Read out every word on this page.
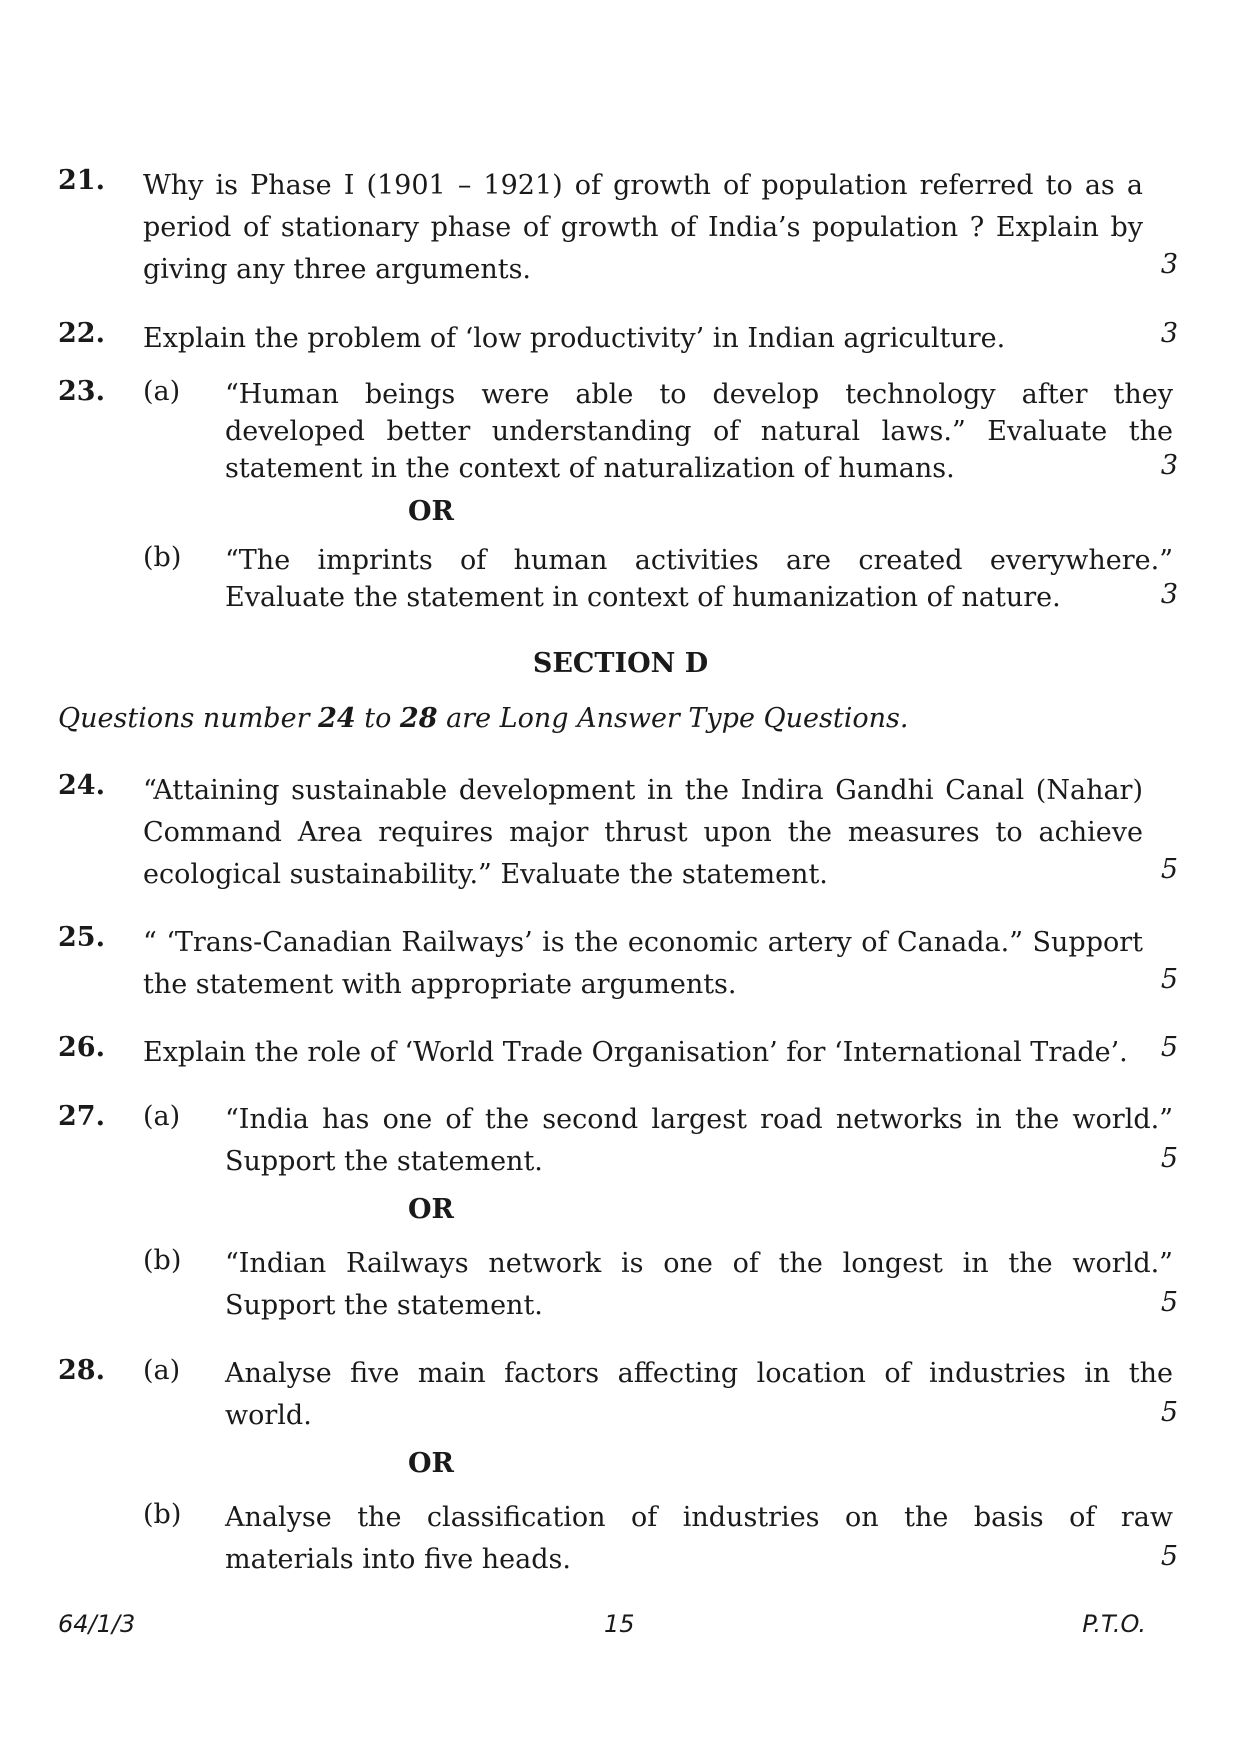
21. Why is Phase I (1901 – 1921) of growth of population referred to as a
period of stationary phase of growth of India’s population ? Explain by
giving any three arguments.	3
22. Explain the problem of ‘low productivity’ in Indian agriculture.	3
23. (a) “Human beings were able to develop technology after they
developed better understanding of natural laws.” Evaluate the
statement in the context of naturalization of humans.	3
OR
(b) “The imprints of human activities are created everywhere.”
Evaluate the statement in context of humanization of nature.	3
SECTION D
Questions number 24 to 28 are Long Answer Type Questions.
24. “Attaining sustainable development in the Indira Gandhi Canal (Nahar)
Command Area requires major thrust upon the measures to achieve
ecological sustainability.” Evaluate the statement.	5
25. “ ‘Trans-Canadian Railways’ is the economic artery of Canada.” Support
the statement with appropriate arguments.	5
26. Explain the role of ‘World Trade Organisation’ for ‘International Trade’.	5
27. (a) “India has one of the second largest road networks in the world.”
Support the statement.	5
OR
(b) “Indian Railways network is one of the longest in the world.”
Support the statement.	5
28. (a) Analyse five main factors affecting location of industries in the
world.	5
OR
(b) Analyse the classification of industries on the basis of raw
materials into five heads.	5
64/1/3	15	P.T.O.
